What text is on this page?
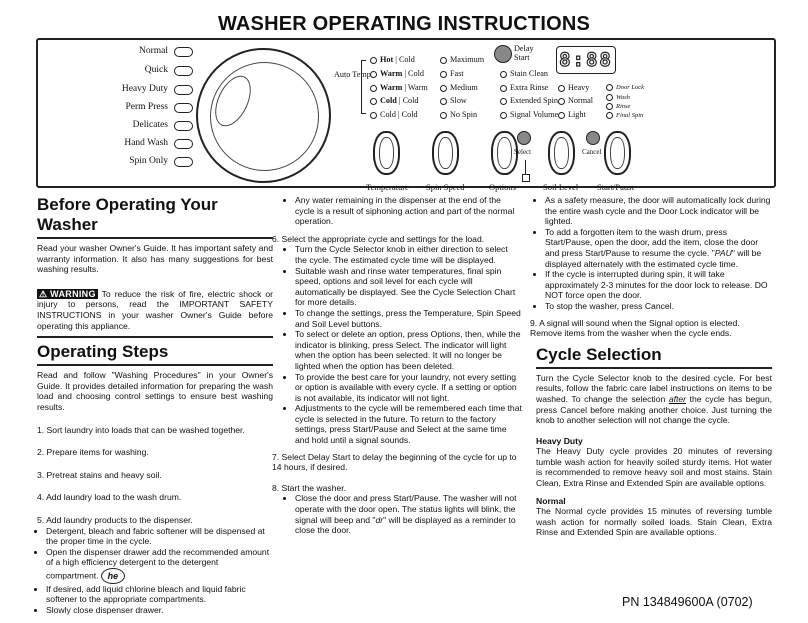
WASHER OPERATING INSTRUCTIONS
Normal
Quick
Heavy Duty
Perm Press
Delicates
Hand Wash
Spin Only
Auto Temp
Hot | Cold
Warm | Cold
Warm | Warm
Cold | Cold
Cold | Cold
Maximum
Fast
Medium
Slow
No Spin
Delay Start
Stain Clean
Extra Rinse
Extended Spin
Signal Volume
8:88
Heavy
Normal
Light
Door Lock
Wash
Rinse
Final Spin
Select	Cancel
Temperature Spin Speed	Options	Soil Level Start/Pause
Before Operating Your Washer

Read your washer Owner's Guide. It has important safety and warranty information. It also has many suggestions for best washing results.

⚠ WARNING To reduce the risk of fire, electric shock or injury to persons, read the IMPORTANT SAFETY INSTRUCTIONS in your washer Owner's Guide before operating this appliance.

Operating Steps

Read and follow "Washing Procedures" in your Owner's Guide. It provides detailed information for preparing the wash load and choosing control settings to ensure best washing results.

1. Sort laundry into loads that can be washed together.
2. Prepare items for washing.
3. Pretreat stains and heavy soil.
4. Add laundry load to the wash drum.
5. Add laundry products to the dispenser.
• Detergent, bleach and fabric softener will be dispensed at the proper time in the cycle.
• Open the dispenser drawer add the recommended amount of a high efficiency detergent to the detergent compartment. he
• If desired, add liquid chlorine bleach and liquid fabric softener to the appropriate compartments.
• Slowly close dispenser drawer.
• Any water remaining in the dispenser at the end of the cycle is a result of siphoning action and part of the normal operation.
6. Select the appropriate cycle and settings for the load.
• Turn the Cycle Selector knob in either direction to select the cycle. The estimated cycle time will be displayed.
• Suitable wash and rinse water temperatures, final spin speed, options and soil level for each cycle will automatically be displayed. See the Cycle Selection Chart for more details.
• To change the settings, press the Temperature, Spin Speed and Soil Level buttons.
• To select or delete an option, press Options, then, while the indicator is blinking, press Select. The indicator will light when the option has been selected. It will no longer be lighted when the option has been deleted.
• To provide the best care for your laundry, not every setting or option is available with every cycle. If a setting or option is not available, its indicator will not light.
• Adjustments to the cycle will be remembered each time that cycle is selected in the future. To return to the factory settings, press Start/Pause and Select at the same time and hold until a signal sounds.
7. Select Delay Start to delay the beginning of the cycle for up to 14 hours, if desired.
8. Start the washer.
• Close the door and press Start/Pause. The washer will not operate with the door open. The status lights will blink, the signal will beep and "dr" will be displayed as a reminder to close the door.
• As a safety measure, the door will automatically lock during the entire wash cycle and the Door Lock indicator will be lighted.
• To add a forgotten item to the wash drum, press Start/Pause, open the door, add the item, close the door and press Start/Pause to resume the cycle. "PAU" will be displayed alternately with the estimated cycle time.
• If the cycle is interrupted during spin, it will take approximately 2-3 minutes for the door lock to release. DO NOT force open the door.
• To stop the washer, press Cancel.
9. A signal will sound when the Signal option is elected. Remove items from the washer when the cycle ends.
Cycle Selection

Turn the Cycle Selector knob to the desired cycle. For best results, follow the fabric care label instructions on items to be washed. To change the selection after the cycle has begun, press Cancel before making another choice. Just turning the knob to another selection will not change the cycle.

Heavy Duty

The Heavy Duty cycle provides 20 minutes of reversing tumble wash action for heavily soiled sturdy items. Hot water is recommended to remove heavy soil and most stains. Stain Clean, Extra Rinse and Extended Spin are available options.

Normal

The Normal cycle provides 15 minutes of reversing tumble wash action for normally soiled loads. Stain Clean, Extra Rinse and Extended Spin are available options.

PN 134849600A (0702)
